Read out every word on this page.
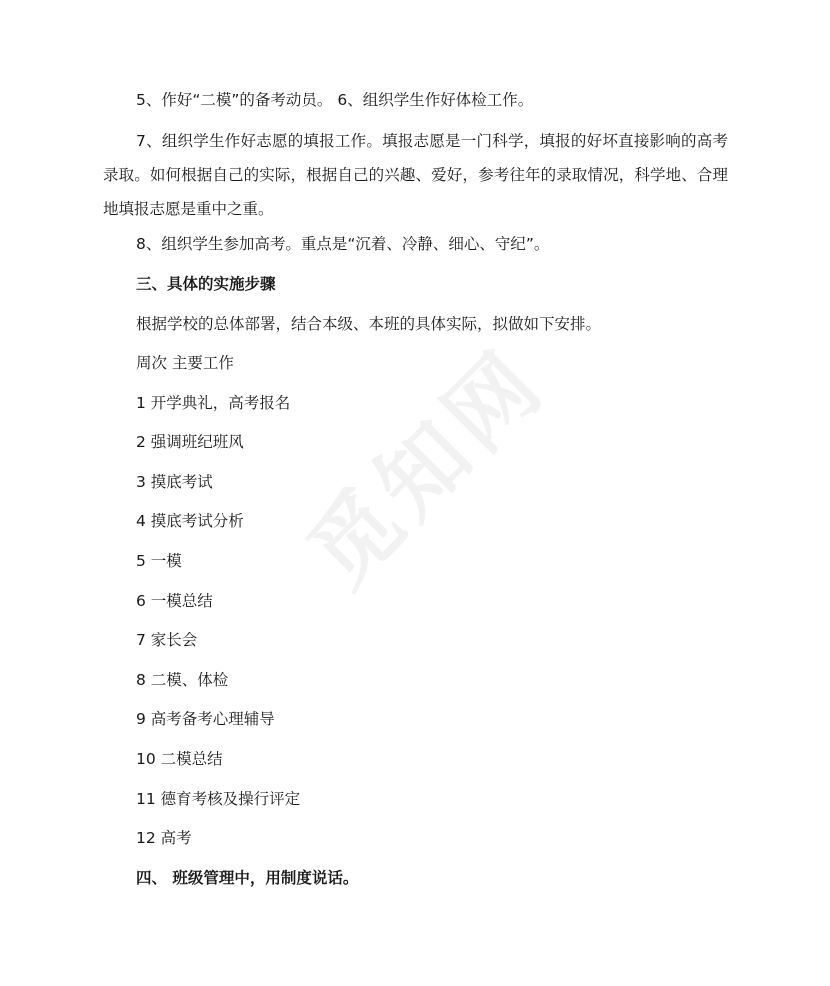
觅知网
5、作好“二模”的备考动员。 6、组织学生作好体检工作。
7、组织学生作好志愿的填报工作。填报志愿是一门科学，填报的好坏直接影响的高考录取。如何根据自己的实际，根据自己的兴趣、爱好，参考往年的录取情况，科学地、合理地填报志愿是重中之重。
8、组织学生参加高考。重点是“沉着、冷静、细心、守纪”。
三、具体的实施步骤
根据学校的总体部署，结合本级、本班的具体实际，拟做如下安排。
周次 主要工作
1 开学典礼，高考报名
2 强调班纪班风
3 摸底考试
4 摸底考试分析
5 一模
6 一模总结
7 家长会
8 二模、体检
9 高考备考心理辅导
10 二模总结
11 德育考核及操行评定
12 高考
四、 班级管理中，用制度说话。
